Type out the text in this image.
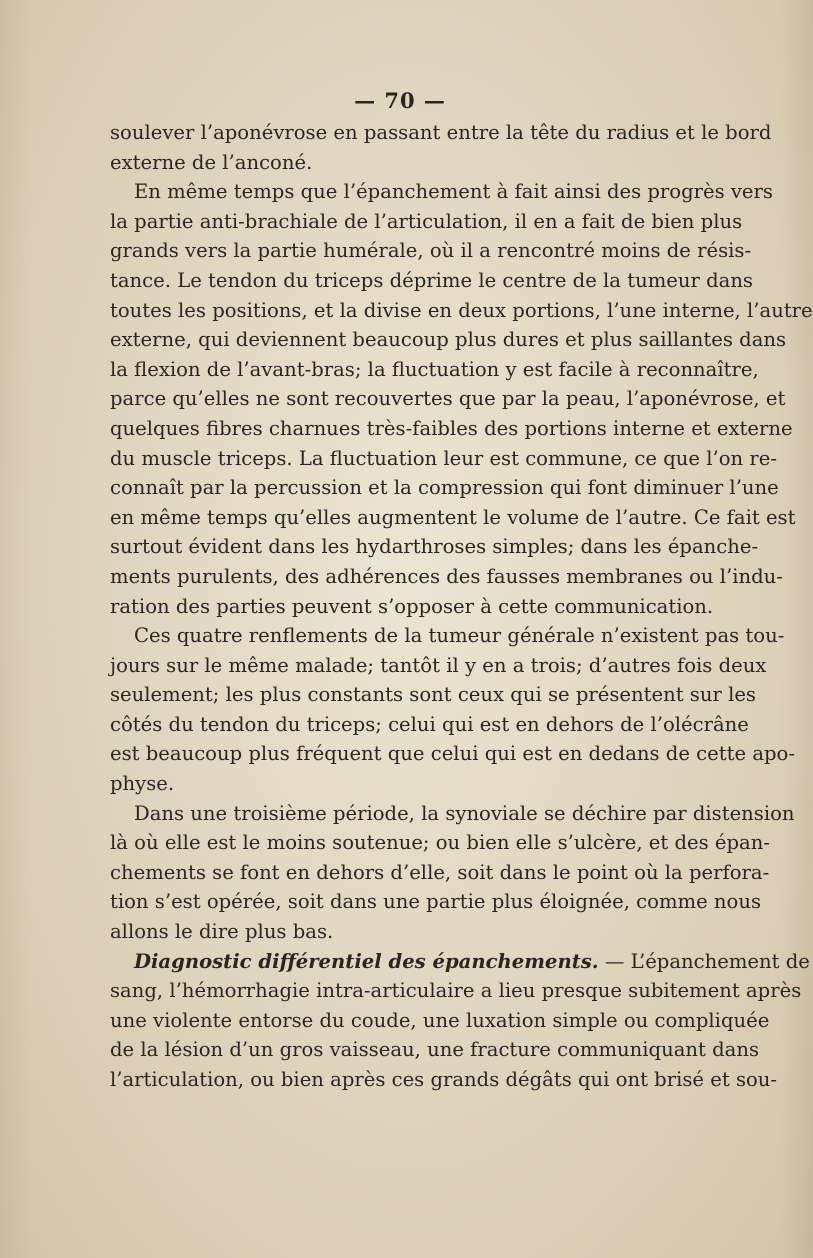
— 70 —
soulever l’aponévrose en passant entre la tête du radius et le bord
externe de l’anconé.
En même temps que l’épanchement à fait ainsi des progrès vers
la partie anti-brachiale de l’articulation, il en a fait de bien plus
grands vers la partie humérale, où il a rencontré moins de résis-
tance. Le tendon du triceps déprime le centre de la tumeur dans
toutes les positions, et la divise en deux portions, l’une interne, l’autre
externe, qui deviennent beaucoup plus dures et plus saillantes dans
la flexion de l’avant-bras; la fluctuation y est facile à reconnaître,
parce qu’elles ne sont recouvertes que par la peau, l’aponévrose, et
quelques fibres charnues très-faibles des portions interne et externe
du muscle triceps. La fluctuation leur est commune, ce que l’on re-
connaît par la percussion et la compression qui font diminuer l’une
en même temps qu’elles augmentent le volume de l’autre. Ce fait est
surtout évident dans les hydarthroses simples; dans les épanche-
ments purulents, des adhérences des fausses membranes ou l’indu-
ration des parties peuvent s’opposer à cette communication.
Ces quatre renflements de la tumeur générale n’existent pas tou-
jours sur le même malade; tantôt il y en a trois; d’autres fois deux
seulement; les plus constants sont ceux qui se présentent sur les
côtés du tendon du triceps; celui qui est en dehors de l’olécrâne
est beaucoup plus fréquent que celui qui est en dedans de cette apo-
physe.
Dans une troisième période, la synoviale se déchire par distension
là où elle est le moins soutenue; ou bien elle s’ulcère, et des épan-
chements se font en dehors d’elle, soit dans le point où la perfora-
tion s’est opérée, soit dans une partie plus éloignée, comme nous
allons le dire plus bas.
Diagnostic différentiel des épanchements. — L’épanchement de
sang, l’hémorrhagie intra-articulaire a lieu presque subitement après
une violente entorse du coude, une luxation simple ou compliquée
de la lésion d’un gros vaisseau, une fracture communiquant dans
l’articulation, ou bien après ces grands dégâts qui ont brisé et sou-
